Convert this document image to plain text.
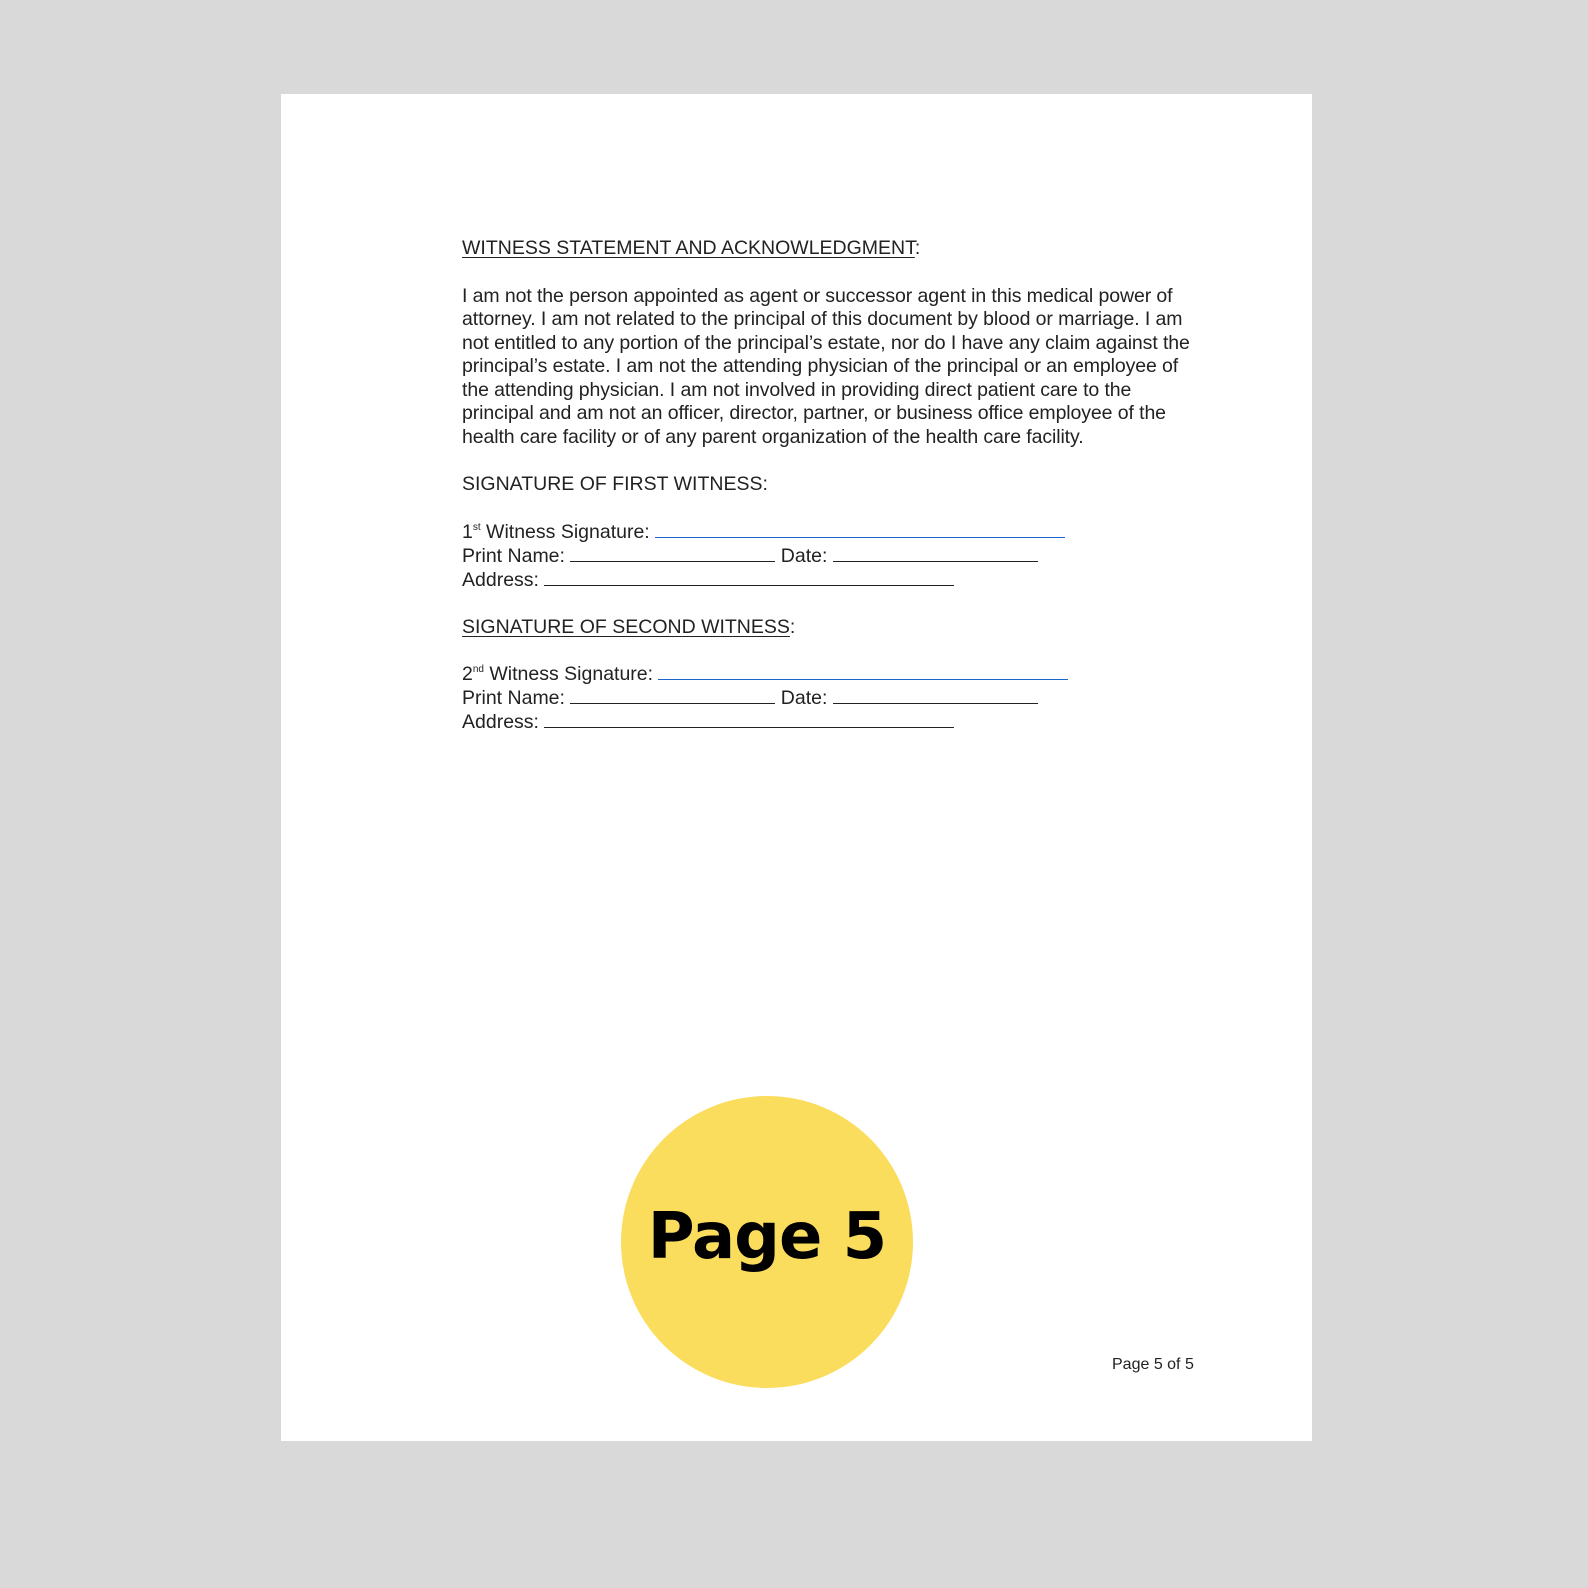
WITNESS STATEMENT AND ACKNOWLEDGMENT:

I am not the person appointed as agent or successor agent in this medical power of attorney. I am not related to the principal of this document by blood or marriage. I am not entitled to any portion of the principal’s estate, nor do I have any claim against the principal’s estate. I am not the attending physician of the principal or an employee of the attending physician. I am not involved in providing direct patient care to the principal and am not an officer, director, partner, or business office employee of the health care facility or of any parent organization of the health care facility.

SIGNATURE OF FIRST WITNESS:

1st Witness Signature:
Print Name:	Date:
Address:

SIGNATURE OF SECOND WITNESS:

2nd Witness Signature:
Print Name:	Date:
Address:
Page 5 of 5
Page 5
